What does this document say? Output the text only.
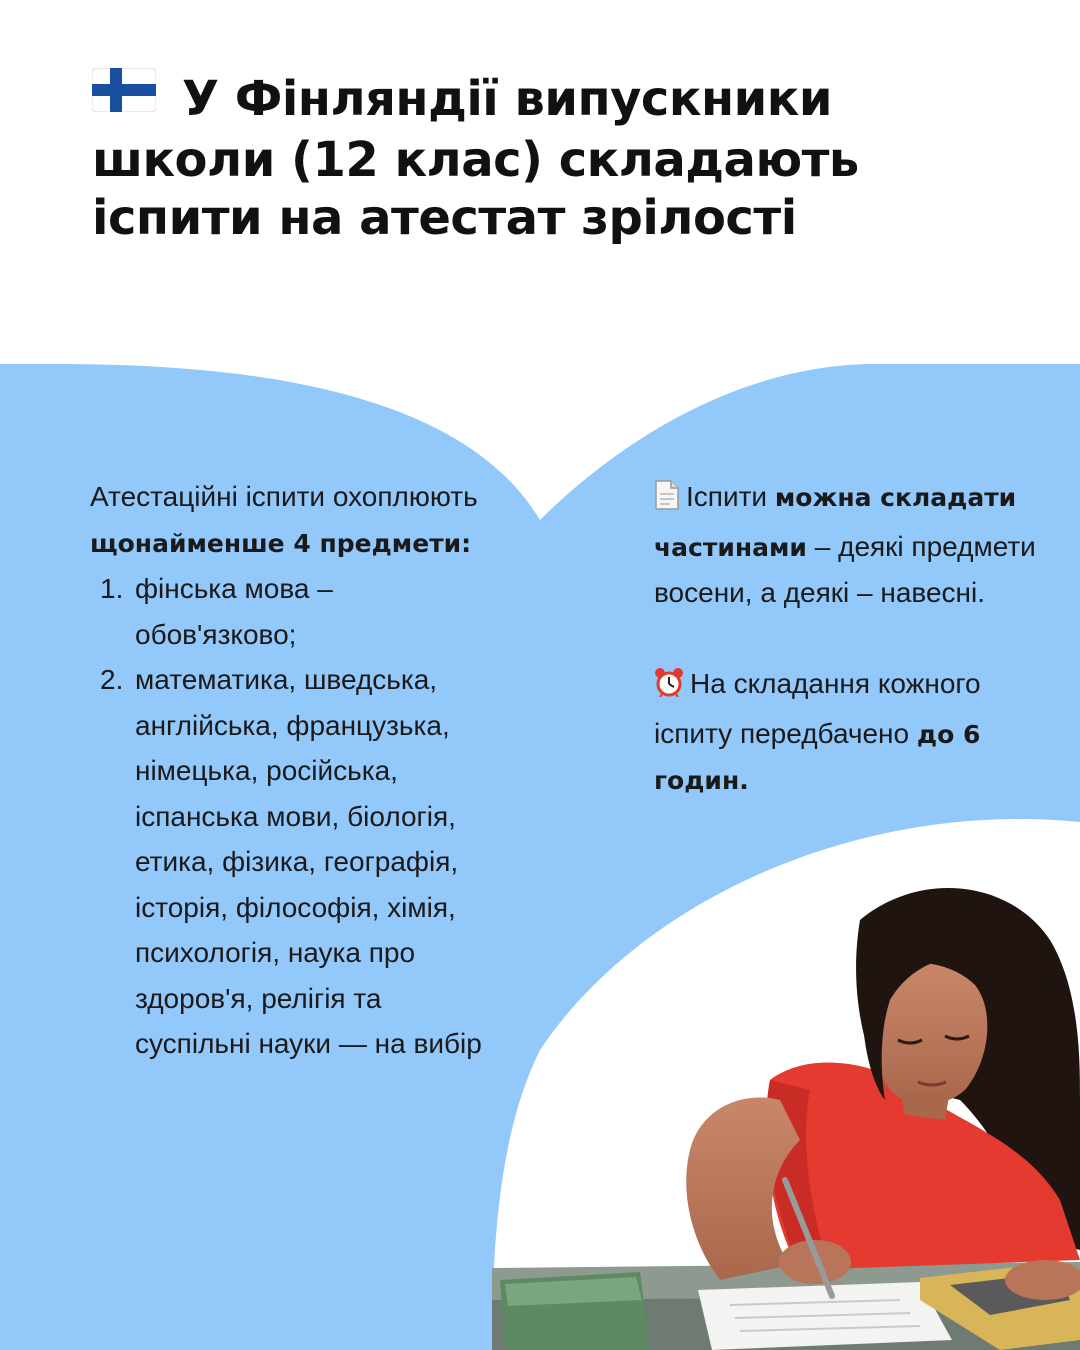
У Фінляндії випускники школи (12 клас) складають іспити на атестат зрілості
Атестаційні іспити охоплюють щонайменше 4 предмети:
1. фінська мова – обов'язково;
2. математика, шведська, англійська, французька, німецька, російська, іспанська мови, біологія, етика, фізика, географія, історія, філософія, хімія, психологія, наука про здоров'я, релігія та суспільні науки — на вибір

Іспити можна складати частинами – деякі предмети восени, а деякі – навесні.

На складання кожного іспиту передбачено до 6 годин.
